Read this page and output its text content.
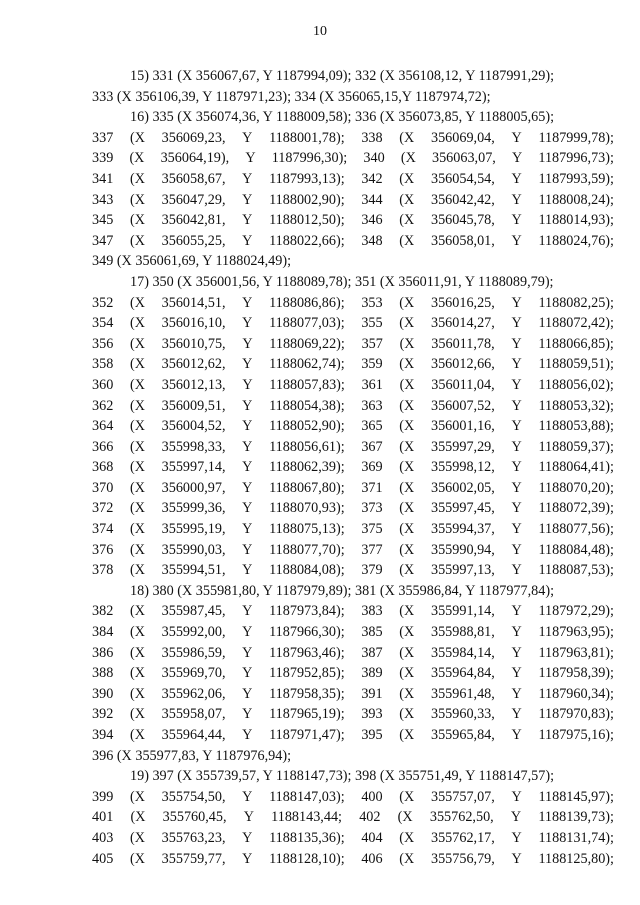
10
15) 331 (X 356067,67, Y 1187994,09); 332 (X 356108,12, Y 1187991,29);
333 (X 356106,39, Y 1187971,23); 334 (X 356065,15,Y 1187974,72);
16) 335 (X 356074,36, Y 1188009,58); 336 (X 356073,85, Y 1188005,65);
337 (X 356069,23, Y 1188001,78); 338 (X 356069,04, Y 1187999,78);
339 (X 356064,19), Y 1187996,30); 340 (X 356063,07, Y 1187996,73);
341 (X 356058,67, Y 1187993,13); 342 (X 356054,54, Y 1187993,59);
343 (X 356047,29, Y 1188002,90); 344 (X 356042,42, Y 1188008,24);
345 (X 356042,81, Y 1188012,50); 346 (X 356045,78, Y 1188014,93);
347 (X 356055,25, Y 1188022,66); 348 (X 356058,01, Y 1188024,76);
349 (X 356061,69, Y 1188024,49);
17) 350 (X 356001,56, Y 1188089,78); 351 (X 356011,91, Y 1188089,79);
352 (X 356014,51, Y 1188086,86); 353 (X 356016,25, Y 1188082,25);
354 (X 356016,10, Y 1188077,03); 355 (X 356014,27, Y 1188072,42);
356 (X 356010,75, Y 1188069,22); 357 (X 356011,78, Y 1188066,85);
358 (X 356012,62, Y 1188062,74); 359 (X 356012,66, Y 1188059,51);
360 (X 356012,13, Y 1188057,83); 361 (X 356011,04, Y 1188056,02);
362 (X 356009,51, Y 1188054,38); 363 (X 356007,52, Y 1188053,32);
364 (X 356004,52, Y 1188052,90); 365 (X 356001,16, Y 1188053,88);
366 (X 355998,33, Y 1188056,61); 367 (X 355997,29, Y 1188059,37);
368 (X 355997,14, Y 1188062,39); 369 (X 355998,12, Y 1188064,41);
370 (X 356000,97, Y 1188067,80); 371 (X 356002,05, Y 1188070,20);
372 (X 355999,36, Y 1188070,93); 373 (X 355997,45, Y 1188072,39);
374 (X 355995,19, Y 1188075,13); 375 (X 355994,37, Y 1188077,56);
376 (X 355990,03, Y 1188077,70); 377 (X 355990,94, Y 1188084,48);
378 (X 355994,51, Y 1188084,08); 379 (X 355997,13, Y 1188087,53);
18) 380 (X 355981,80, Y 1187979,89); 381 (X 355986,84, Y 1187977,84);
382 (X 355987,45, Y 1187973,84); 383 (X 355991,14, Y 1187972,29);
384 (X 355992,00, Y 1187966,30); 385 (X 355988,81, Y 1187963,95);
386 (X 355986,59, Y 1187963,46); 387 (X 355984,14, Y 1187963,81);
388 (X 355969,70, Y 1187952,85); 389 (X 355964,84, Y 1187958,39);
390 (X 355962,06, Y 1187958,35); 391 (X 355961,48, Y 1187960,34);
392 (X 355958,07, Y 1187965,19); 393 (X 355960,33, Y 1187970,83);
394 (X 355964,44, Y 1187971,47); 395 (X 355965,84, Y 1187975,16);
396 (X 355977,83, Y 1187976,94);
19) 397 (X 355739,57, Y 1188147,73); 398 (X 355751,49, Y 1188147,57);
399 (X 355754,50, Y 1188147,03); 400 (X 355757,07, Y 1188145,97);
401 (X 355760,45, Y 1188143,44; 402 (X 355762,50, Y 1188139,73);
403 (X 355763,23, Y 1188135,36); 404 (X 355762,17, Y 1188131,74);
405 (X 355759,77, Y 1188128,10); 406 (X 355756,79, Y 1188125,80);
